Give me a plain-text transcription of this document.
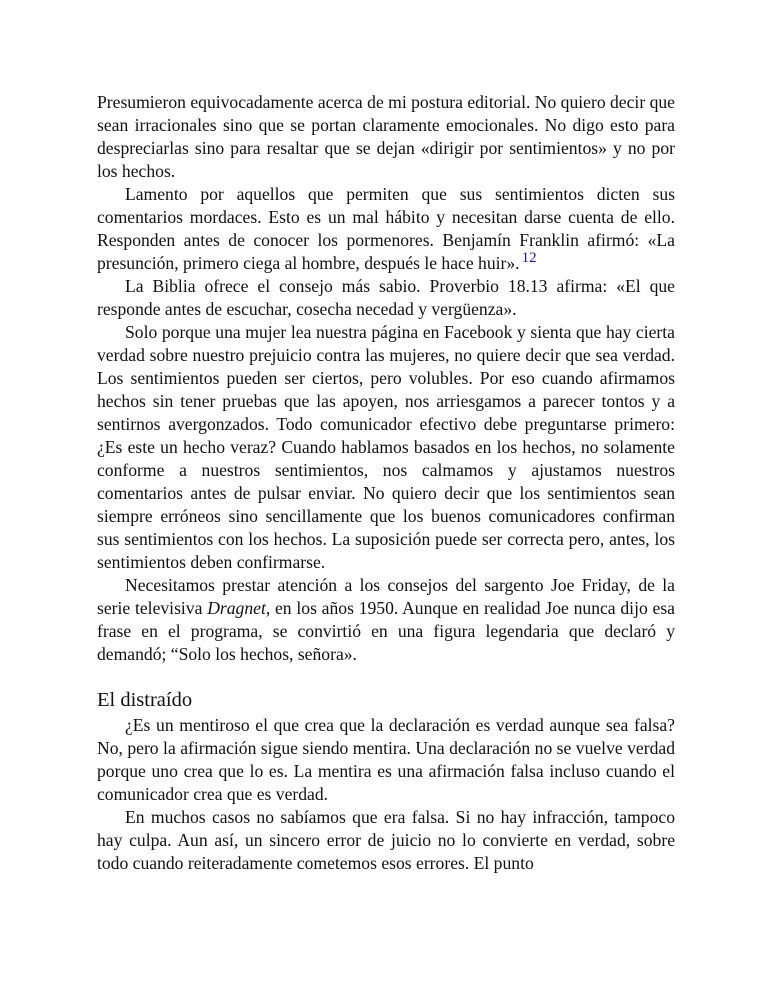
Presumieron equivocadamente acerca de mi postura editorial. No quiero decir que sean irracionales sino que se portan claramente emocionales. No digo esto para despreciarlas sino para resaltar que se dejan «dirigir por sentimientos» y no por los hechos.

Lamento por aquellos que permiten que sus sentimientos dicten sus comentarios mordaces. Esto es un mal hábito y necesitan darse cuenta de ello. Responden antes de conocer los pormenores. Benjamín Franklin afirmó: «La presunción, primero ciega al hombre, después le hace huir». $^{12}$

La Biblia ofrece el consejo más sabio. Proverbio 18.13 afirma: «El que responde antes de escuchar, cosecha necedad y vergüenza».

Solo porque una mujer lea nuestra página en Facebook y sienta que hay cierta verdad sobre nuestro prejuicio contra las mujeres, no quiere decir que sea verdad. Los sentimientos pueden ser ciertos, pero volubles. Por eso cuando afirmamos hechos sin tener pruebas que las apoyen, nos arriesgamos a parecer tontos y a sentirnos avergonzados. Todo comunicador efectivo debe preguntarse primero: ¿Es este un hecho veraz? Cuando hablamos basados en los hechos, no solamente conforme a nuestros sentimientos, nos calmamos y ajustamos nuestros comentarios antes de pulsar enviar. No quiero decir que los sentimientos sean siempre erróneos sino sencillamente que los buenos comunicadores confirman sus sentimientos con los hechos. La suposición puede ser correcta pero, antes, los sentimientos deben confirmarse.

Necesitamos prestar atención a los consejos del sargento Joe Friday, de la serie televisiva Dragnet, en los años 1950. Aunque en realidad Joe nunca dijo esa frase en el programa, se convirtió en una figura legendaria que declaró y demandó; “Solo los hechos, señora».

El distraído

¿Es un mentiroso el que crea que la declaración es verdad aunque sea falsa? No, pero la afirmación sigue siendo mentira. Una declaración no se vuelve verdad porque uno crea que lo es. La mentira es una afirmación falsa incluso cuando el comunicador crea que es verdad.

En muchos casos no sabíamos que era falsa. Si no hay infracción, tampoco hay culpa. Aun así, un sincero error de juicio no lo convierte en verdad, sobre todo cuando reiteradamente cometemos esos errores. El punto
